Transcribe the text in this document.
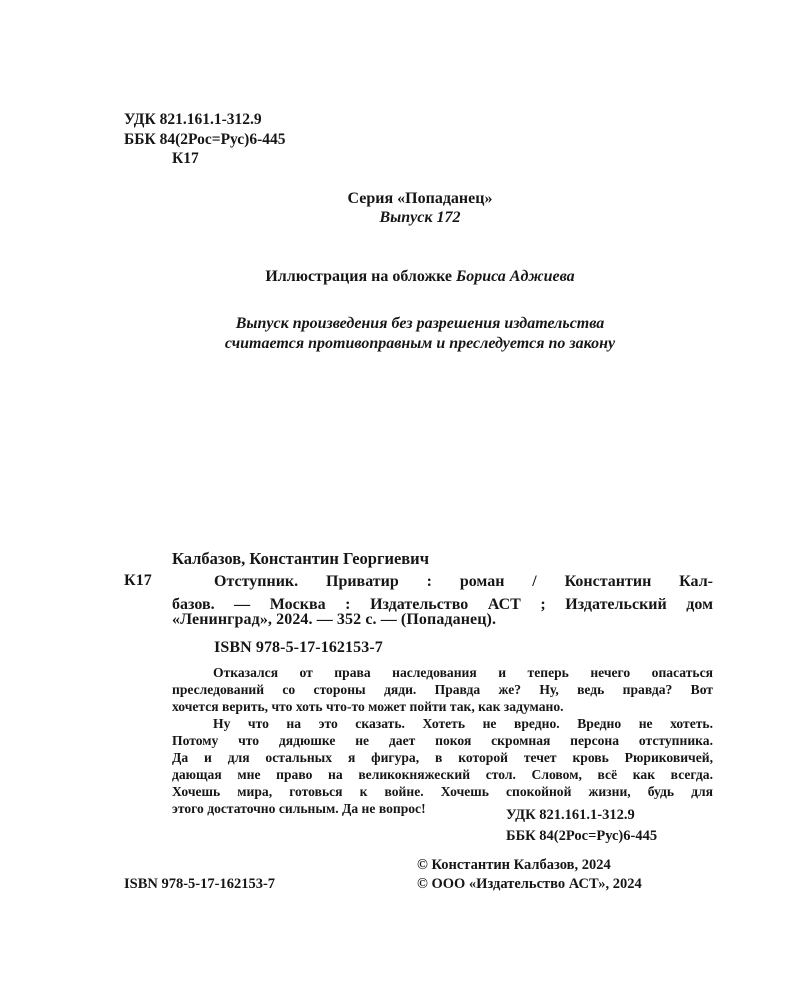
УДК 821.161.1-312.9
ББК 84(2Рос=Рус)6-445
К17
Серия «Попаданец»
Выпуск 172
Иллюстрация на обложке Бориса Аджиева
Выпуск произведения без разрешения издательства
считается противоправным и преследуется по закону
Калбазов, Константин Георгиевич
К17	Отступник. Приватир : роман / Константин Кал-
базов. — Москва : Издательство АСТ ; Издательский дом
«Ленинград», 2024. — 352 с. — (Попаданец).
ISBN 978-5-17-162153-7
Отказался от права наследования и теперь нечего опасаться
преследований со стороны дяди. Правда же? Ну, ведь правда? Вот
хочется верить, что хоть что-то может пойти так, как задумано.
Ну что на это сказать. Хотеть не вредно. Вредно не хотеть.
Потому что дядюшке не дает покоя скромная персона отступника.
Да и для остальных я фигура, в которой течет кровь Рюриковичей,
дающая мне право на великокняжеский стол. Словом, всё как всегда.
Хочешь мира, готовься к войне. Хочешь спокойной жизни, будь для
этого достаточно сильным. Да не вопрос!	УДК 821.161.1-312.9
ББК 84(2Рос=Рус)6-445
© Константин Калбазов, 2024
ISBN 978-5-17-162153-7	© ООО «Издательство АСТ», 2024
